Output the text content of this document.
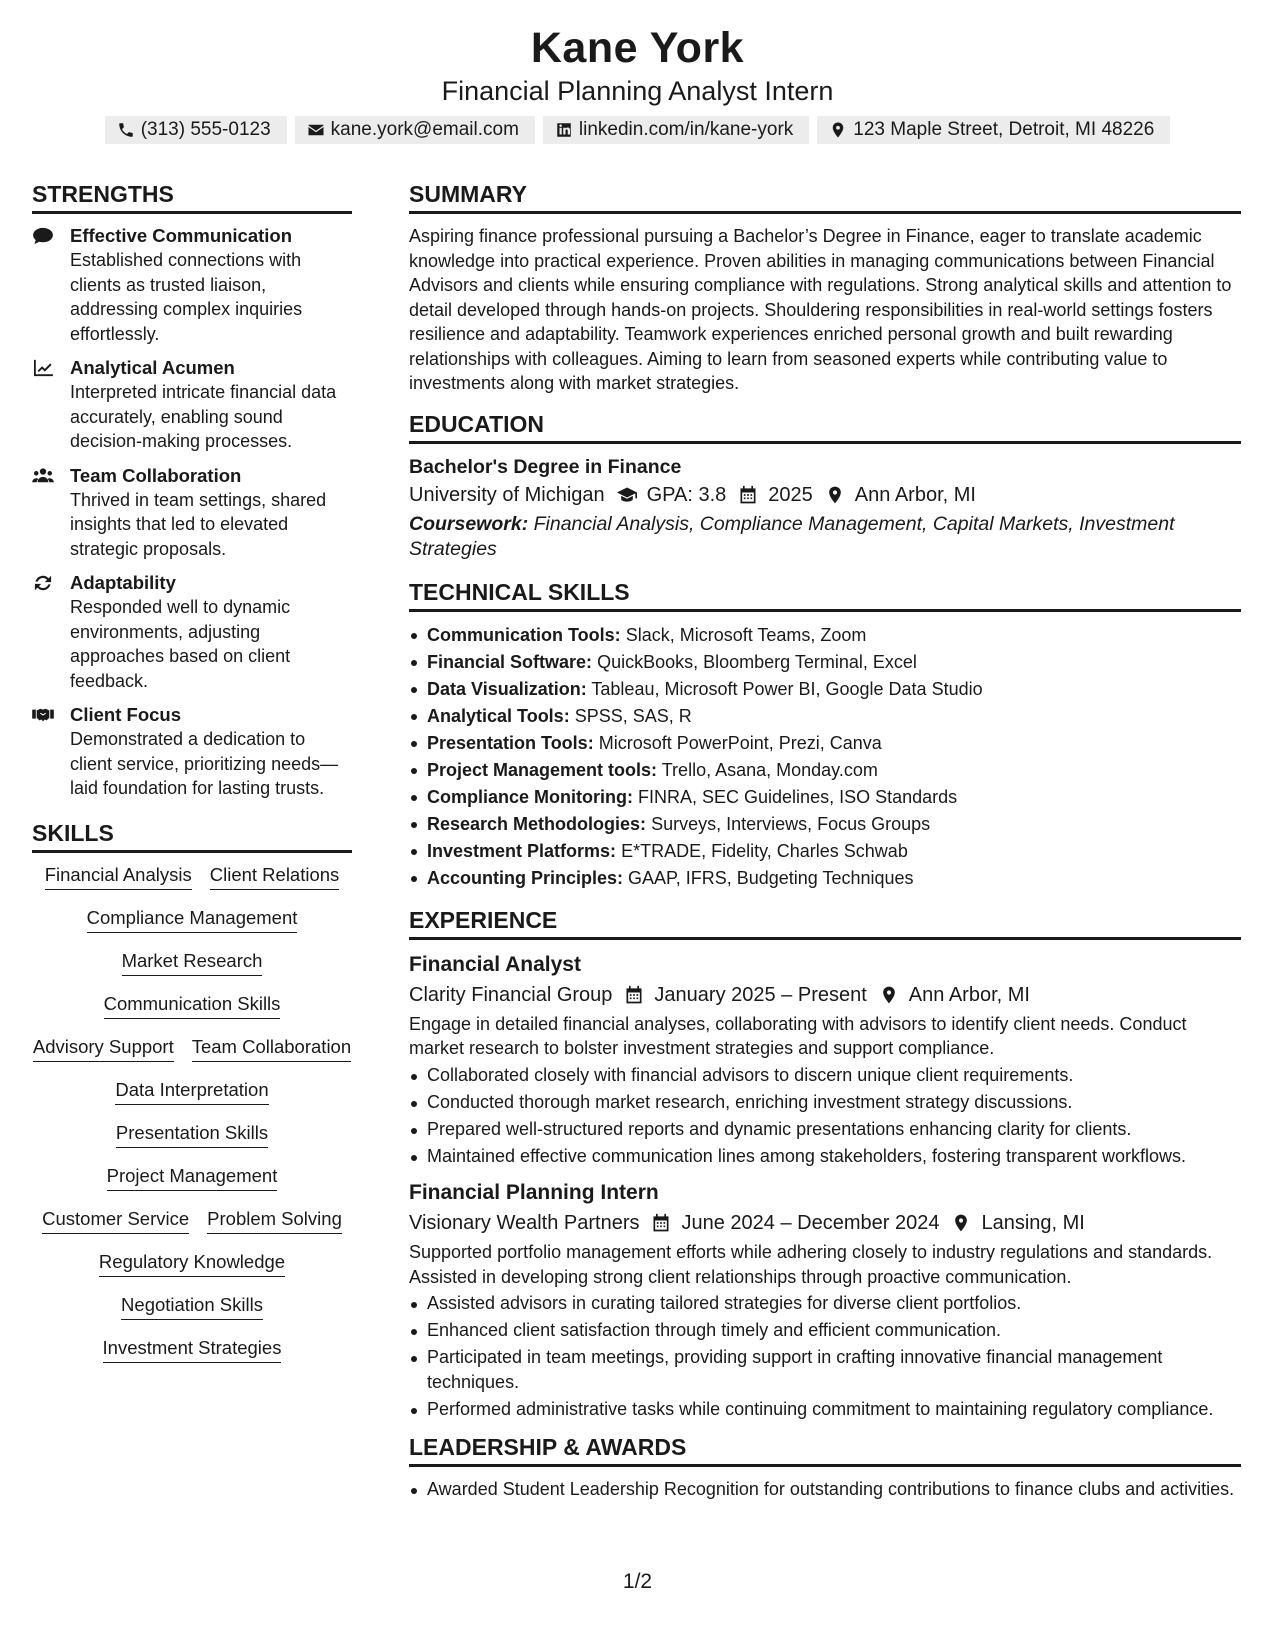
Kane York
Financial Planning Analyst Intern
(313) 555-0123	kane.york@email.com	linkedin.com/in/kane-york	123 Maple Street, Detroit, MI 48226
STRENGTHS
Effective Communication
Established connections with clients as trusted liaison, addressing complex inquiries effortlessly.
Analytical Acumen
Interpreted intricate financial data accurately, enabling sound decision-making processes.
Team Collaboration
Thrived in team settings, shared insights that led to elevated strategic proposals.
Adaptability
Responded well to dynamic environments, adjusting approaches based on client feedback.
Client Focus
Demonstrated a dedication to client service, prioritizing needs—laid foundation for lasting trusts.
SKILLS
Financial Analysis Client Relations
Compliance Management
Market Research
Communication Skills
Advisory Support Team Collaboration
Data Interpretation
Presentation Skills
Project Management
Customer Service Problem Solving
Regulatory Knowledge
Negotiation Skills
Investment Strategies
SUMMARY
Aspiring finance professional pursuing a Bachelor’s Degree in Finance, eager to translate academic knowledge into practical experience. Proven abilities in managing communications between Financial Advisors and clients while ensuring compliance with regulations. Strong analytical skills and attention to detail developed through hands-on projects. Shouldering responsibilities in real-world settings fosters resilience and adaptability. Teamwork experiences enriched personal growth and built rewarding relationships with colleagues. Aiming to learn from seasoned experts while contributing value to investments along with market strategies.
EDUCATION
Bachelor's Degree in Finance
University of Michigan GPA: 3.8 2025 Ann Arbor, MI
Coursework: Financial Analysis, Compliance Management, Capital Markets, Investment Strategies
TECHNICAL SKILLS
Communication Tools: Slack, Microsoft Teams, Zoom
Financial Software: QuickBooks, Bloomberg Terminal, Excel
Data Visualization: Tableau, Microsoft Power BI, Google Data Studio
Analytical Tools: SPSS, SAS, R
Presentation Tools: Microsoft PowerPoint, Prezi, Canva
Project Management tools: Trello, Asana, Monday.com
Compliance Monitoring: FINRA, SEC Guidelines, ISO Standards
Research Methodologies: Surveys, Interviews, Focus Groups
Investment Platforms: E*TRADE, Fidelity, Charles Schwab
Accounting Principles: GAAP, IFRS, Budgeting Techniques
EXPERIENCE
Financial Analyst
Clarity Financial Group January 2025 – Present Ann Arbor, MI
Engage in detailed financial analyses, collaborating with advisors to identify client needs. Conduct market research to bolster investment strategies and support compliance.
Collaborated closely with financial advisors to discern unique client requirements.
Conducted thorough market research, enriching investment strategy discussions.
Prepared well-structured reports and dynamic presentations enhancing clarity for clients.
Maintained effective communication lines among stakeholders, fostering transparent workflows.
Financial Planning Intern
Visionary Wealth Partners June 2024 – December 2024 Lansing, MI
Supported portfolio management efforts while adhering closely to industry regulations and standards. Assisted in developing strong client relationships through proactive communication.
Assisted advisors in curating tailored strategies for diverse client portfolios.
Enhanced client satisfaction through timely and efficient communication.
Participated in team meetings, providing support in crafting innovative financial management techniques.
Performed administrative tasks while continuing commitment to maintaining regulatory compliance.
LEADERSHIP & AWARDS
Awarded Student Leadership Recognition for outstanding contributions to finance clubs and activities.
1/2
